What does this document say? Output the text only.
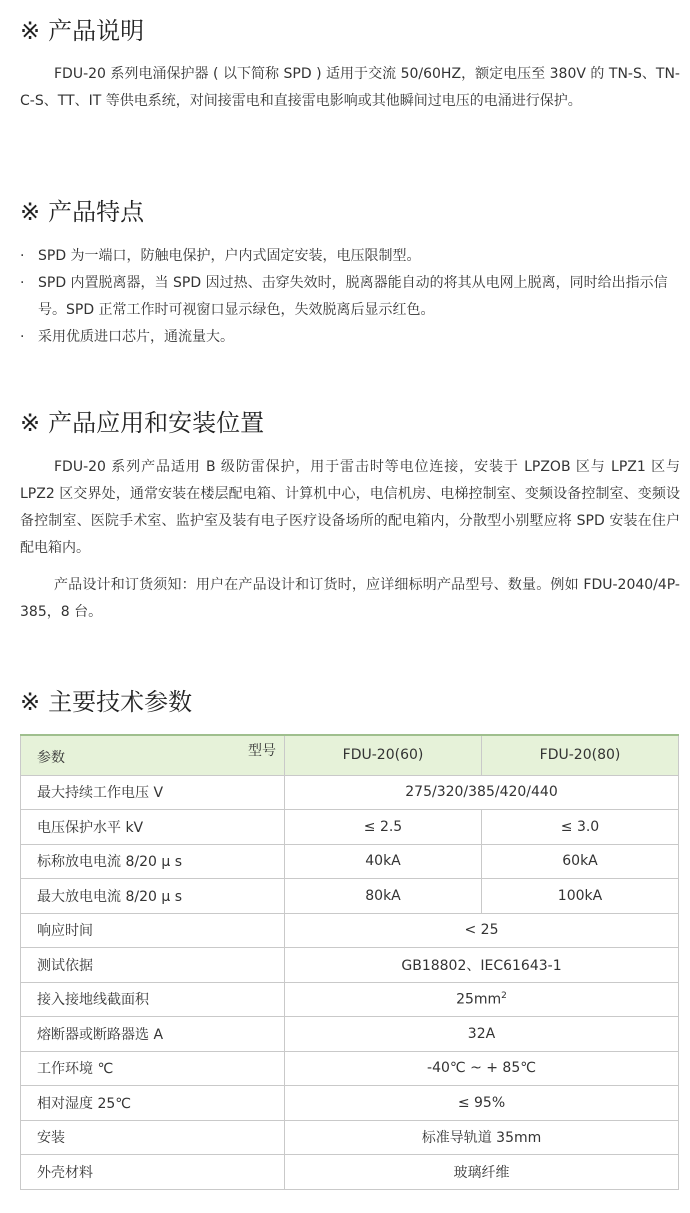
※ 产品说明

FDU-20 系列电涌保护器 ( 以下简称 SPD ) 适用于交流 50/60HZ，额定电压至 380V 的 TN-S、TN-C-S、TT、IT 等供电系统，对间接雷电和直接雷电影响或其他瞬间过电压的电涌进行保护。

※ 产品特点
· SPD 为一端口，防触电保护，户内式固定安装，电压限制型。
· SPD 内置脱离器，当 SPD 因过热、击穿失效时，脱离器能自动的将其从电网上脱离，同时给出指示信号。SPD 正常工作时可视窗口显示绿色，失效脱离后显示红色。
· 采用优质进口芯片，通流量大。
※ 产品应用和安装位置

FDU-20 系列产品适用 B 级防雷保护，用于雷击时等电位连接，安装于 LPZOB 区与 LPZ1 区与 LPZ2 区交界处，通常安装在楼层配电箱、计算机中心，电信机房、电梯控制室、变频设备控制室、变频设备控制室、医院手术室、监护室及装有电子医疗设备场所的配电箱内，分散型小别墅应将 SPD 安装在住户配电箱内。

产品设计和订货须知：用户在产品设计和订货时，应详细标明产品型号、数量。例如 FDU-2040/4P-385，8 台。

※ 主要技术参数
参数 型号	FDU-20(60)	FDU-20(80)
最大持续工作电压 V	275/320/385/420/440	
电压保护水平 kV	≤ 2.5	≤ 3.0
标称放电电流 8/20 μ s	40kA	60kA
最大放电电流 8/20 μ s	80kA	100kA
响应时间	< 25	
测试依据	GB18802、IEC61643-1	
接入接地线截面积	$25mm^2$
熔断器或断路器选 A	32A	
工作环境 ℃	-40℃ ~ + 85℃	
相对湿度 25℃	≤ 95%	
安装	标准导轨道 35mm	
外壳材料	玻璃纤维	
